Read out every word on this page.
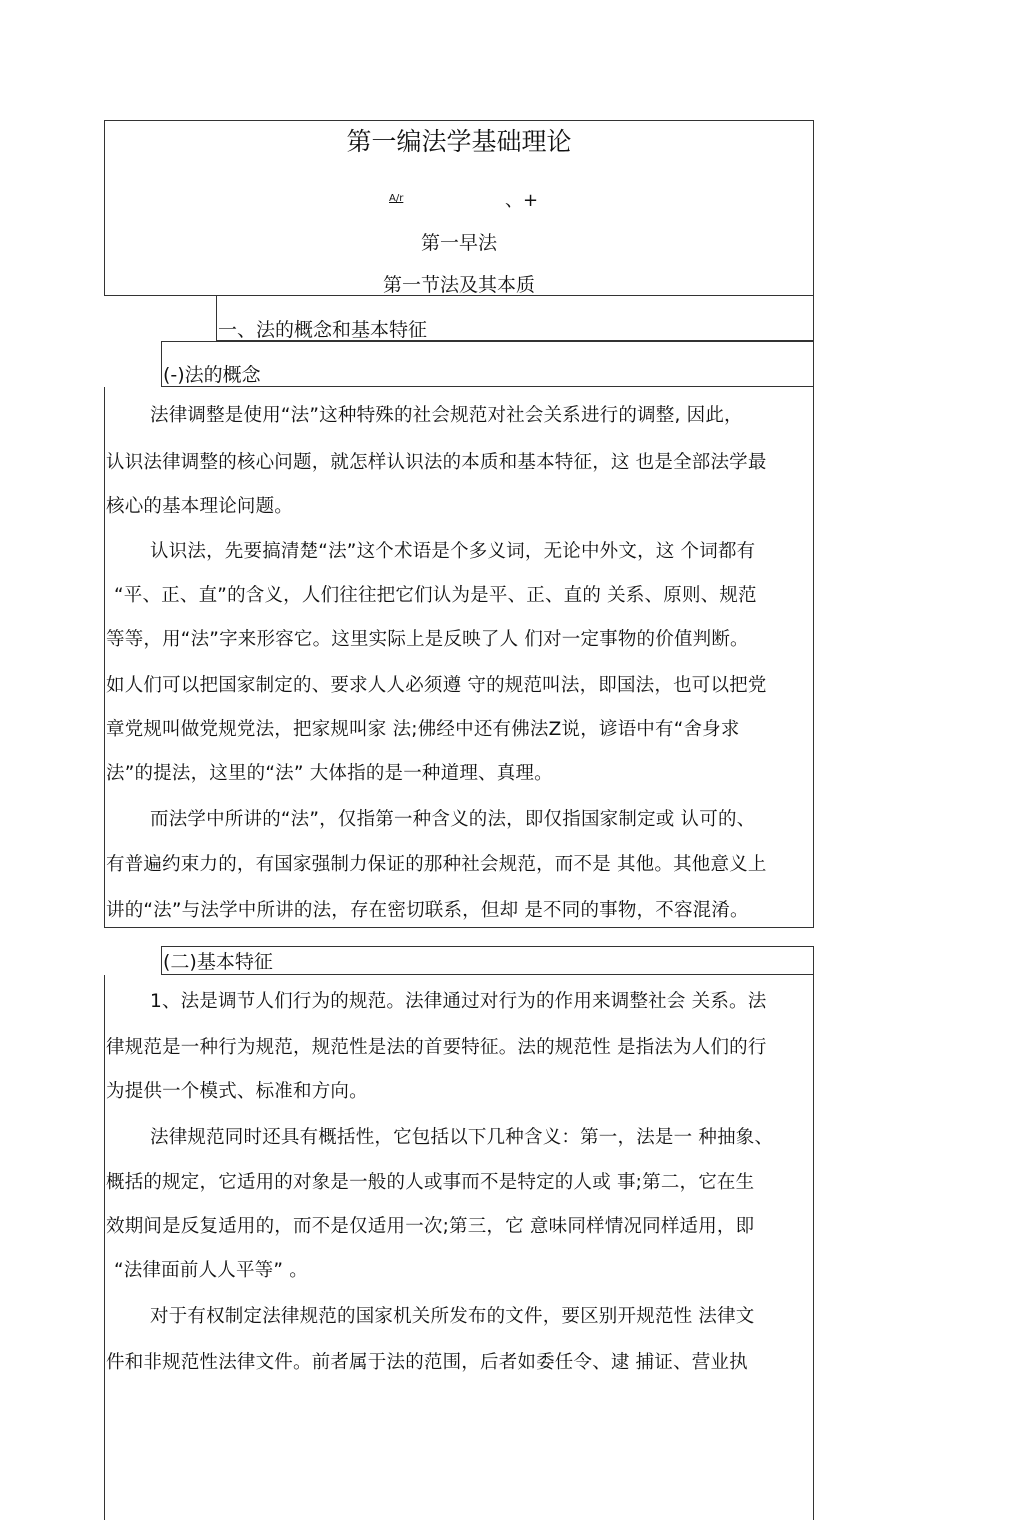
第一编法学基础理论
A/r	、+
第一早法
第一节法及其本质
一、法的概念和基本特征
(-)法的概念
法律调整是使用“法”这种特殊的社会规范对社会关系进行的调整, 因此，
认识法律调整的核心问题，就怎样认识法的本质和基本特征，这 也是全部法学最
核心的基本理论问题。
认识法，先要搞清楚“法”这个术语是个多义词，无论中外文，这 个词都有
“平、正、直”的含义，人们往往把它们认为是平、正、直的 关系、原则、规范
等等，用“法”字来形容它。这里实际上是反映了人 们对一定事物的价值判断。
如人们可以把国家制定的、要求人人必须遵 守的规范叫法，即国法，也可以把党
章党规叫做党规党法，把家规叫家 法;佛经中还有佛法Z说，谚语中有“舍身求
法”的提法，这里的“法” 大体指的是一种道理、真理。
而法学中所讲的“法”，仅指第一种含义的法，即仅指国家制定或 认可的、
有普遍约束力的，有国家强制力保证的那种社会规范，而不是 其他。其他意义上
讲的“法”与法学中所讲的法，存在密切联系，但却 是不同的事物，不容混淆。
(二)基本特征
1、法是调节人们行为的规范。法律通过对行为的作用来调整社会 关系。法
律规范是一种行为规范，规范性是法的首要特征。法的规范性 是指法为人们的行
为提供一个模式、标准和方向。
法律规范同时还具有概括性，它包括以下几种含义：第一，法是一 种抽象、
概括的规定，它适用的对象是一般的人或事而不是特定的人或 事;第二，它在生
效期间是反复适用的，而不是仅适用一次;第三，它 意味同样情况同样适用，即
“法律面前人人平等” 。
对于有权制定法律规范的国家机关所发布的文件，要区别开规范性 法律文
件和非规范性法律文件。前者属于法的范围，后者如委任令、逮 捕证、营业执
